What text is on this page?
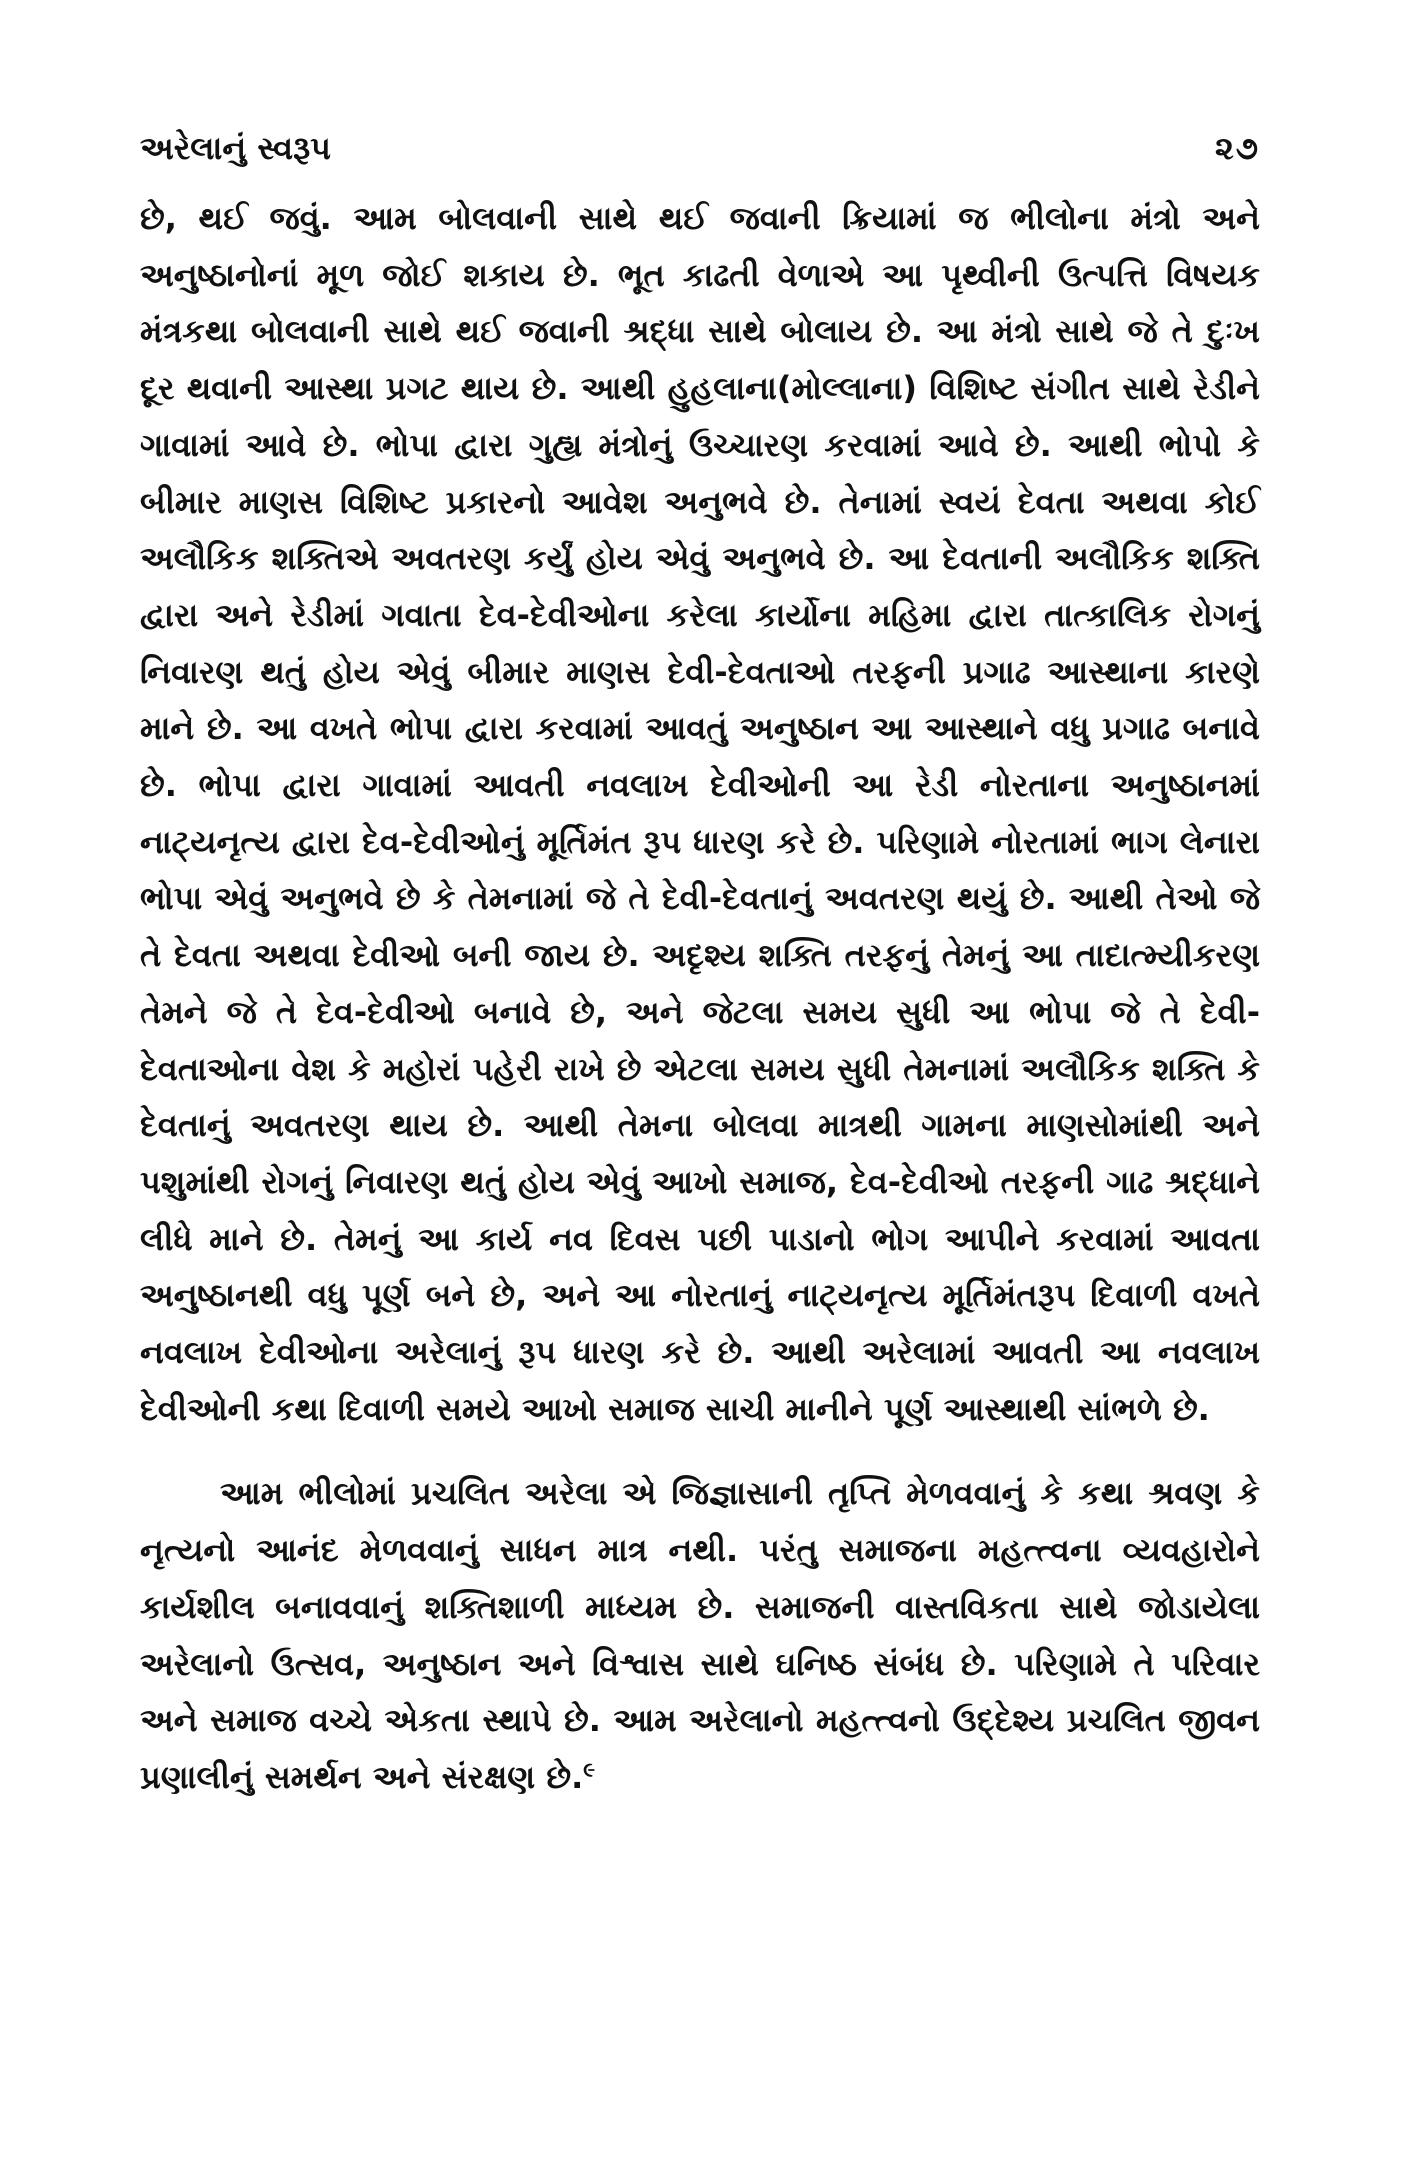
અરેલાનું સ્વરૂપ	૨૭

છે, થઈ જવું. આમ બોલવાની સાથે થઈ જવાની ક્રિયામાં જ ભીલોના મંત્રો અને અનુષ્ઠાનોનાં મૂળ જોઈ શકાય છે. ભૂત કાઢતી વેળાએ આ પૃથ્વીની ઉત્પત્તિ વિષયક મંત્રકથા બોલવાની સાથે થઈ જવાની શ્રદ્ધા સાથે બોલાય છે. આ મંત્રો સાથે જે તે દુઃખ દૂર થવાની આસ્થા પ્રગટ થાય છે. આથી હુહલાના(મોલ્લાના) વિશિષ્ટ સંગીત સાથે રેડીને ગાવામાં આવે છે. ભોપા દ્વારા ગુહ્ય મંત્રોનું ઉચ્ચારણ કરવામાં આવે છે. આથી ભોપો કે બીમાર માણસ વિશિષ્ટ પ્રકારનો આવેશ અનુભવે છે. તેનામાં સ્વયં દેવતા અથવા કોઈ અલૌકિક શક્તિએ અવતરણ કર્યું હોય એવું અનુભવે છે. આ દેવતાની અલૌકિક શક્તિ દ્વારા અને રેડીમાં ગવાતા દેવ-દેવીઓના કરેલા કાર્યોના મહિમા દ્વારા તાત્કાલિક રોગનું નિવારણ થતું હોય એવું બીમાર માણસ દેવી-દેવતાઓ તરફની પ્રગાઢ આસ્થાના કારણે માને છે. આ વખતે ભોપા દ્વારા કરવામાં આવતું અનુષ્ઠાન આ આસ્થાને વધુ પ્રગાઢ બનાવે છે. ભોપા દ્વારા ગાવામાં આવતી નવલાખ દેવીઓની આ રેડી નોરતાના અનુષ્ઠાનમાં નાટ્યનૃત્ય દ્વારા દેવ-દેવીઓનું મૂર્તિમંત રૂપ ધારણ કરે છે. પરિણામે નોરતામાં ભાગ લેનારા ભોપા એવું અનુભવે છે કે તેમનામાં જે તે દેવી-દેવતાનું અવતરણ થયું છે. આથી તેઓ જે તે દેવતા અથવા દેવીઓ બની જાય છે. અદૃશ્ય શક્તિ તરફનું તેમનું આ તાદાત્મ્યીકરણ તેમને જે તે દેવ-દેવીઓ બનાવે છે, અને જેટલા સમય સુધી આ ભોપા જે તે દેવી-દેવતાઓના વેશ કે મહોરાં પહેરી રાખે છે એટલા સમય સુધી તેમનામાં અલૌકિક શક્તિ કે દેવતાનું અવતરણ થાય છે. આથી તેમના બોલવા માત્રથી ગામના માણસોમાંથી અને પશુમાંથી રોગનું નિવારણ થતું હોય એવું આખો સમાજ, દેવ-દેવીઓ તરફની ગાઢ શ્રદ્ધાને લીધે માને છે. તેમનું આ કાર્ય નવ દિવસ પછી પાડાનો ભોગ આપીને કરવામાં આવતા અનુષ્ઠાનથી વધુ પૂર્ણ બને છે, અને આ નોરતાનું નાટ્યનૃત્ય મૂર્તિમંતરૂપ દિવાળી વખતે નવલાખ દેવીઓના અરેલાનું રૂપ ધારણ કરે છે. આથી અરેલામાં આવતી આ નવલાખ દેવીઓની કથા દિવાળી સમયે આખો સમાજ સાચી માનીને પૂર્ણ આસ્થાથી સાંભળે છે.

આમ ભીલોમાં પ્રચલિત અરેલા એ જિજ્ઞાસાની તૃપ્તિ મેળવવાનું કે કથા શ્રવણ કે નૃત્યનો આનંદ મેળવવાનું સાધન માત્ર નથી. પરંતુ સમાજના મહત્ત્વના વ્યવહારોને કાર્યશીલ બનાવવાનું શક્તિશાળી માધ્યમ છે. સમાજની વાસ્તવિકતા સાથે જોડાયેલા અરેલાનો ઉત્સવ, અનુષ્ઠાન અને વિશ્વાસ સાથે ઘનિષ્ઠ સંબંધ છે. પરિણામે તે પરિવાર અને સમાજ વચ્ચે એકતા સ્થાપે છે. આમ અરેલાનો મહત્ત્વનો ઉદ્દેશ્ય પ્રચલિત જીવન પ્રણાલીનું સમર્થન અને સંરક્ષણ છે.$^૯$
